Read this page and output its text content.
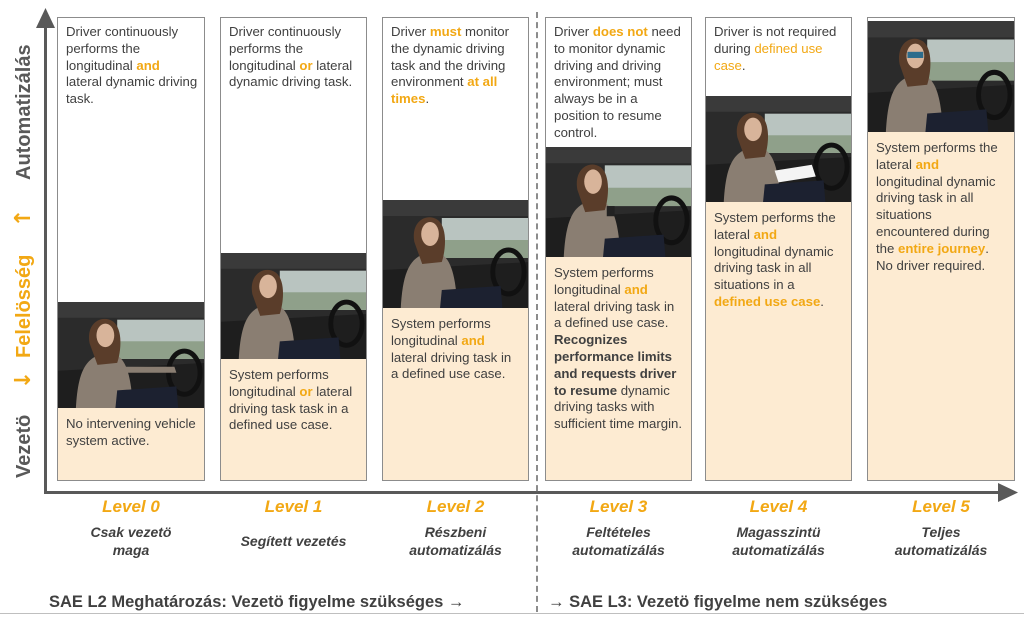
Automatizálás
↑
Felelösség
↓
Vezetö
Driver continuously performs the longitudinal and lateral dynamic driving task.
No intervening vehicle system active.
Driver continuously performs the longitudinal or lateral dynamic driving task.
System performs longitudinal or lateral driving task task in a defined use case.
Driver must monitor the dynamic driving task and the driving environment at all times.
System performs longitudinal and lateral driving task in a defined use case.
Driver does not need to monitor dynamic driving and driving environment; must always be in a position to resume control.
System performs longitudinal and lateral driving task in a defined use case. Recognizes performance limits and requests driver to resume dynamic driving tasks with sufficient time margin.
Driver is not required during defined use case.
System performs the lateral and longitudinal dynamic driving task in all situations in a defined use case.
System performs the lateral and longitudinal dynamic driving task in all situations encountered during the entire journey. No driver required.
SAE L2 Meghatározás: Vezetö figyelme szükséges →	→ SAE L3: Vezetö figyelme nem szükséges
Level 0
Csak vezetö
maga
Level 1
Segített vezetés
Level 2
Részbeni
automatizálás
Level 3
Feltételes
automatizálás
Level 4
Magasszintü
automatizálás
Level 5
Teljes
automatizálás
